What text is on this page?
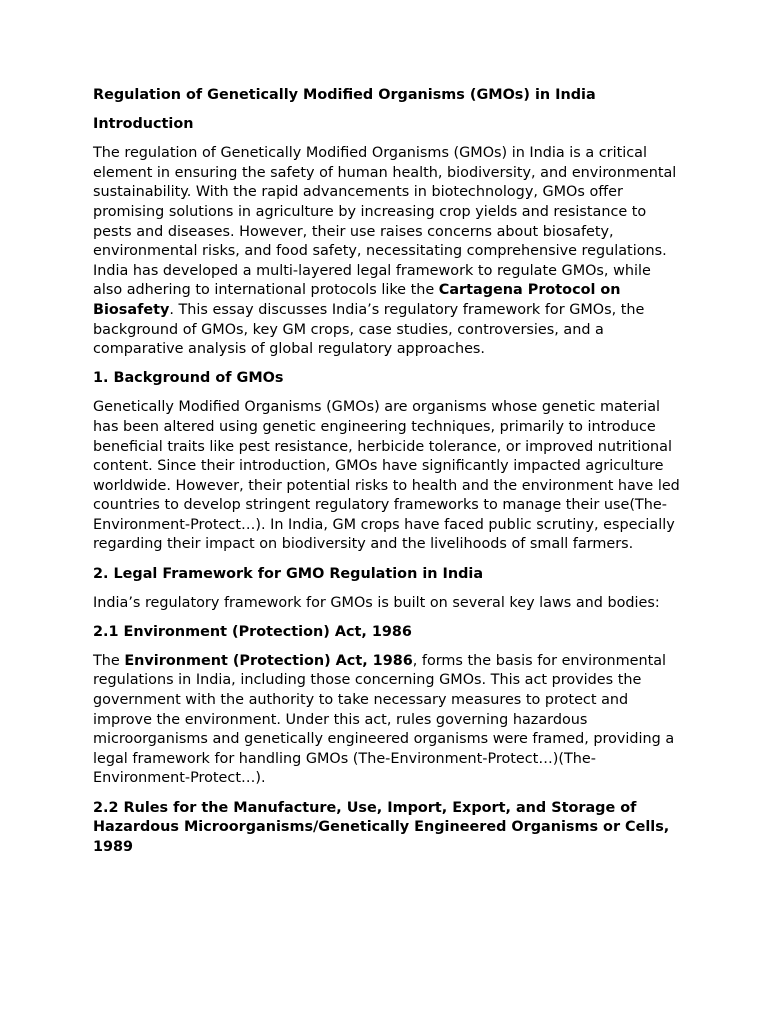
Regulation of Genetically Modified Organisms (GMOs) in India
Introduction

The regulation of Genetically Modified Organisms (GMOs) in India is a critical element in ensuring the safety of human health, biodiversity, and environmental sustainability. With the rapid advancements in biotechnology, GMOs offer promising solutions in agriculture by increasing crop yields and resistance to pests and diseases. However, their use raises concerns about biosafety, environmental risks, and food safety, necessitating comprehensive regulations. India has developed a multi-layered legal framework to regulate GMOs, while also adhering to international protocols like the Cartagena Protocol on Biosafety. This essay discusses India’s regulatory framework for GMOs, the background of GMOs, key GM crops, case studies, controversies, and a comparative analysis of global regulatory approaches.

1. Background of GMOs

Genetically Modified Organisms (GMOs) are organisms whose genetic material has been altered using genetic engineering techniques, primarily to introduce beneficial traits like pest resistance, herbicide tolerance, or improved nutritional content. Since their introduction, GMOs have significantly impacted agriculture worldwide. However, their potential risks to health and the environment have led countries to develop stringent regulatory frameworks to manage their use(The-Environment-Protect…). In India, GM crops have faced public scrutiny, especially regarding their impact on biodiversity and the livelihoods of small farmers.

2. Legal Framework for GMO Regulation in India

India’s regulatory framework for GMOs is built on several key laws and bodies:

2.1 Environment (Protection) Act, 1986

The Environment (Protection) Act, 1986, forms the basis for environmental regulations in India, including those concerning GMOs. This act provides the government with the authority to take necessary measures to protect and improve the environment. Under this act, rules governing hazardous microorganisms and genetically engineered organisms were framed, providing a legal framework for handling GMOs (The-Environment-Protect…)(The-Environment-Protect…).

2.2 Rules for the Manufacture, Use, Import, Export, and Storage of Hazardous Microorganisms/Genetically Engineered Organisms or Cells, 1989
